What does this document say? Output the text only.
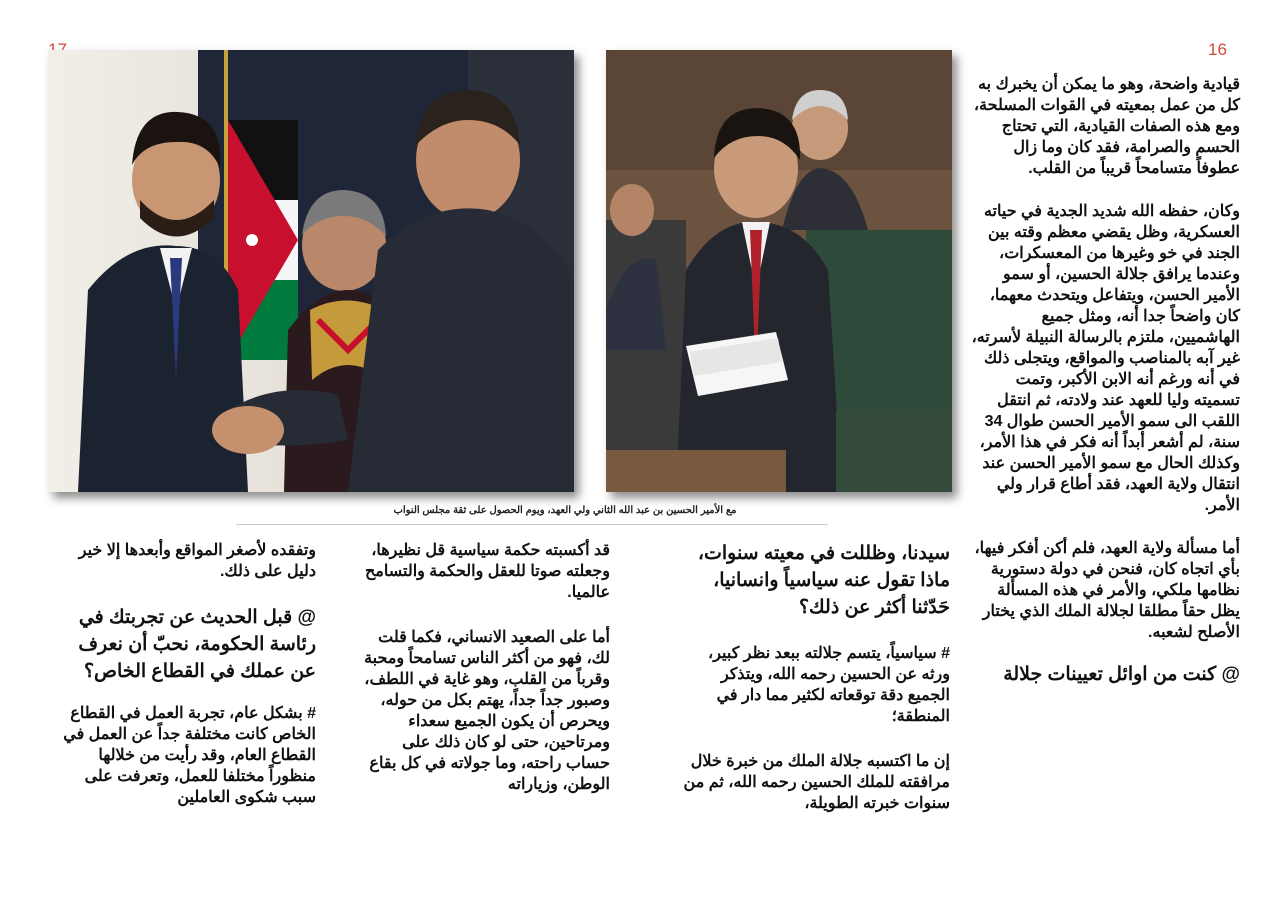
16
مع الأمير الحسين بن عبد الله الثاني ولي العهد، ويوم الحصول على ثقة مجلس النواب

قيادية واضحة، وهو ما يمكن أن يخبرك به كل من عمل بمعيته في القوات المسلحة، ومع هذه الصفات القيادية، التي تحتاج الحسم والصرامة، فقد كان وما زال عطوفاً متسامحاً قريباً من القلب.

وكان، حفظه الله شديد الجدية في حياته العسكرية، وظل يقضي معظم وقته بين الجند في خو وغيرها من المعسكرات، وعندما يرافق جلالة الحسين، أو سمو الأمير الحسن، ويتفاعل ويتحدث معهما، كان واضحاً جدا أنه، ومثل جميع الهاشميين، ملتزم بالرسالة النبيلة لأسرته، غير آبه بالمناصب والمواقع، ويتجلى ذلك في أنه ورغم أنه الابن الأكبر، وتمت تسميته وليا للعهد عند ولادته، ثم انتقل اللقب الى سمو الأمير الحسن طوال 34 سنة، لم أشعر أبداً أنه فكر في هذا الأمر، وكذلك الحال مع سمو الأمير الحسن عند انتقال ولاية العهد، فقد أطاع قرار ولي الأمر.

أما مسألة ولاية العهد، فلم أكن أفكر فيها، بأي اتجاه كان، فنحن في دولة دستورية نظامها ملكي، والأمر في هذه المسألة يظل حقاً مطلقا لجلالة الملك الذي يختار الأصلح لشعبه.

@ كنت من اوائل تعيينات جلالة

سيدنا، وظللت في معيته سنوات، ماذا تقول عنه سياسياً وانسانيا، حَدّثنا أكثر عن ذلك؟

# سياسياً، يتسم جلالته ببعد نظر كبير، ورثه عن الحسين رحمه الله، ويتذكر الجميع دقة توقعاته لكثير مما دار في المنطقة؛

إن ما اكتسبه جلالة الملك من خبرة خلال مرافقته للملك الحسين رحمه الله، ثم من سنوات خبرته الطويلة،

قد أكسبته حكمة سياسية قل نظيرها، وجعلته صوتا للعقل والحكمة والتسامح عالميا.

أما على الصعيد الانساني، فكما قلت لك، فهو من أكثر الناس تسامحاً ومحبة وقرباً من القلب، وهو غاية في اللطف، وصبور جداً جداً، يهتم بكل من حوله، ويحرص أن يكون الجميع سعداء ومرتاحين، حتى لو كان ذلك على حساب راحته، وما جولاته في كل بقاع الوطن، وزياراته

وتفقده لأصغر المواقع وأبعدها إلا خير دليل على ذلك.

@ قبل الحديث عن تجربتك في رئاسة الحكومة، نحبّ أن نعرف عن عملك في القطاع الخاص؟

# بشكل عام، تجربة العمل في القطاع الخاص كانت مختلفة جداً عن العمل في القطاع العام، وقد رأيت من خلالها منظوراً مختلفا للعمل، وتعرفت على سبب شكوى العاملين
